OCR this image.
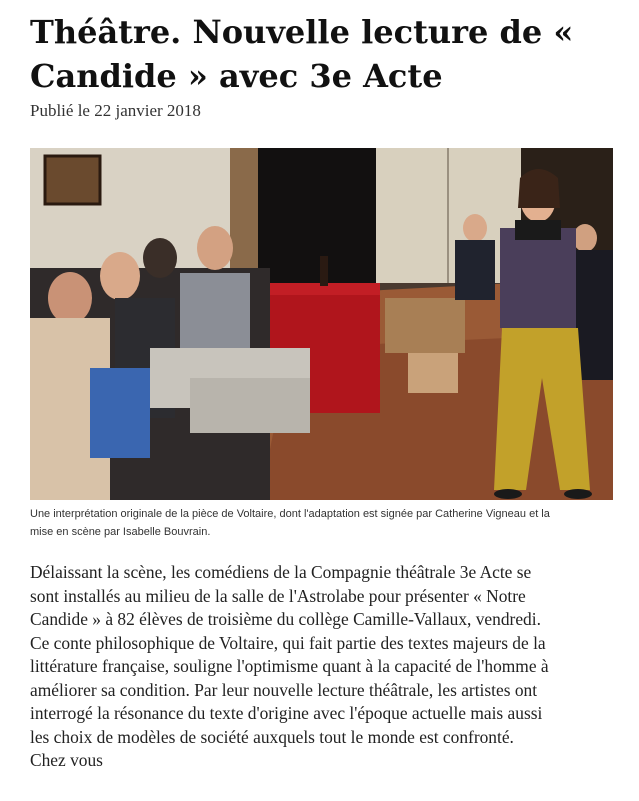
Théâtre. Nouvelle lecture de «
Candide » avec 3e Acte
Publié le 22 janvier 2018
Une interprétation originale de la pièce de Voltaire, dont l'adaptation est signée par Catherine Vigneau et la
mise en scène par Isabelle Bouvrain.
Délaissant la scène, les comédiens de la Compagnie théâtrale 3e Acte se
sont installés au milieu de la salle de l'Astrolabe pour présenter « Notre
Candide » à 82 élèves de troisième du collège Camille-Vallaux, vendredi.
Ce conte philosophique de Voltaire, qui fait partie des textes majeurs de la
littérature française, souligne l'optimisme quant à la capacité de l'homme à
améliorer sa condition. Par leur nouvelle lecture théâtrale, les artistes ont
interrogé la résonance du texte d'origine avec l'époque actuelle mais aussi
les choix de modèles de société auxquels tout le monde est confronté.
Chez vous
